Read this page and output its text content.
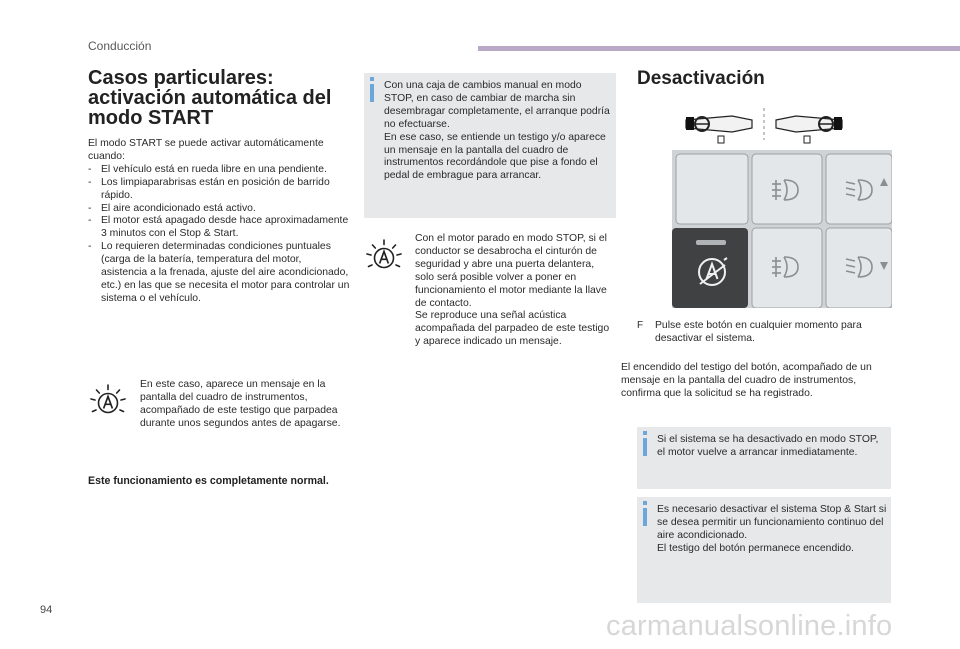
Conducción
Casos particulares: activación automática del modo START
El modo START se puede activar automáticamente cuando:
- El vehículo está en rueda libre en una pendiente.
- Los limpiaparabrisas están en posición de barrido rápido.
- El aire acondicionado está activo.
- El motor está apagado desde hace aproximadamente 3 minutos con el Stop & Start.
- Lo requieren determinadas condiciones puntuales (carga de la batería, temperatura del motor, asistencia a la frenada, ajuste del aire acondicionado, etc.) en las que se necesita el motor para controlar un sistema o el vehículo.
En este caso, aparece un mensaje en la pantalla del cuadro de instrumentos, acompañado de este testigo que parpadea durante unos segundos antes de apagarse.
Este funcionamiento es completamente normal.
Con una caja de cambios manual en modo STOP, en caso de cambiar de marcha sin desembragar completamente, el arranque podría no efectuarse.
En ese caso, se entiende un testigo y/o aparece un mensaje en la pantalla del cuadro de instrumentos recordándole que pise a fondo el pedal de embrague para arrancar.
Con el motor parado en modo STOP, si el conductor se desabrocha el cinturón de seguridad y abre una puerta delantera, solo será posible volver a poner en funcionamiento el motor mediante la llave de contacto.
Se reproduce una señal acústica acompañada del parpadeo de este testigo y aparece indicado un mensaje.
Desactivación
F Pulse este botón en cualquier momento para desactivar el sistema.
El encendido del testigo del botón, acompañado de un mensaje en la pantalla del cuadro de instrumentos, confirma que la solicitud se ha registrado.
Si el sistema se ha desactivado en modo STOP, el motor vuelve a arrancar inmediatamente.
Es necesario desactivar el sistema Stop & Start si se desea permitir un funcionamiento continuo del aire acondicionado.
El testigo del botón permanece encendido.
94	carmanualsonline.info
